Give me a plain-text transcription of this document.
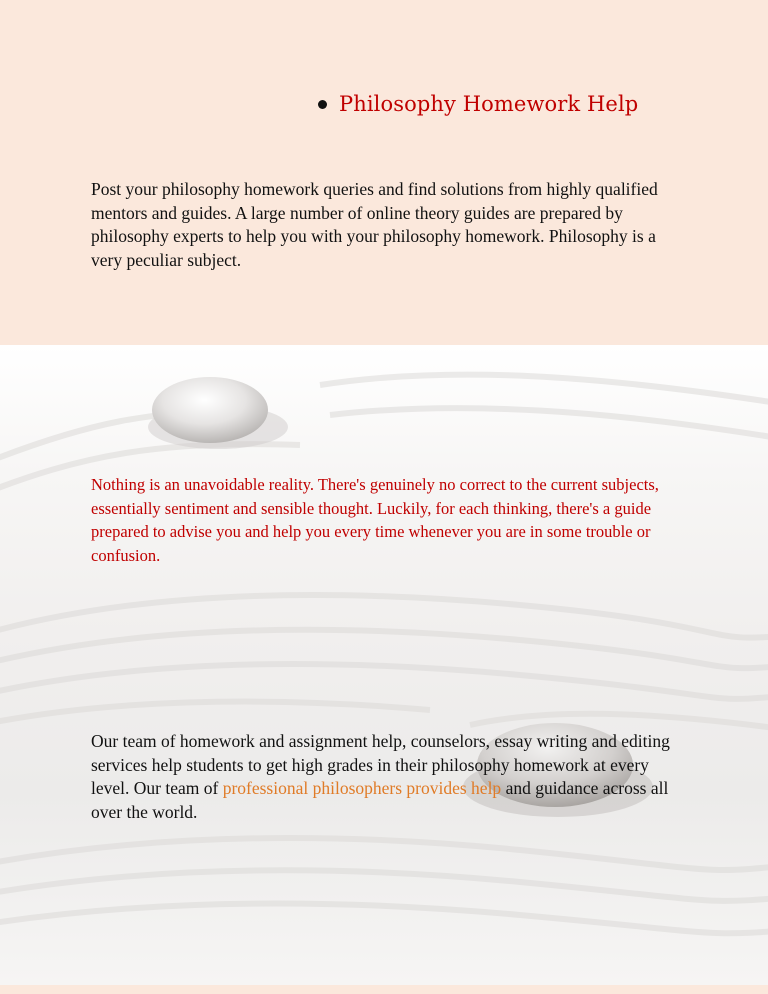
Philosophy Homework Help

Post your philosophy homework queries and find solutions from highly qualified mentors and guides. A large number of online theory guides are prepared by philosophy experts to help you with your philosophy homework. Philosophy is a very peculiar subject.

Nothing is an unavoidable reality. There's genuinely no correct to the current subjects, essentially sentiment and sensible thought. Luckily, for each thinking, there's a guide prepared to advise you and help you every time whenever you are in some trouble or confusion.

Our team of homework and assignment help, counselors, essay writing and editing services help students to get high grades in their philosophy homework at every level. Our team of professional philosophers provides help and guidance across all over the world.
